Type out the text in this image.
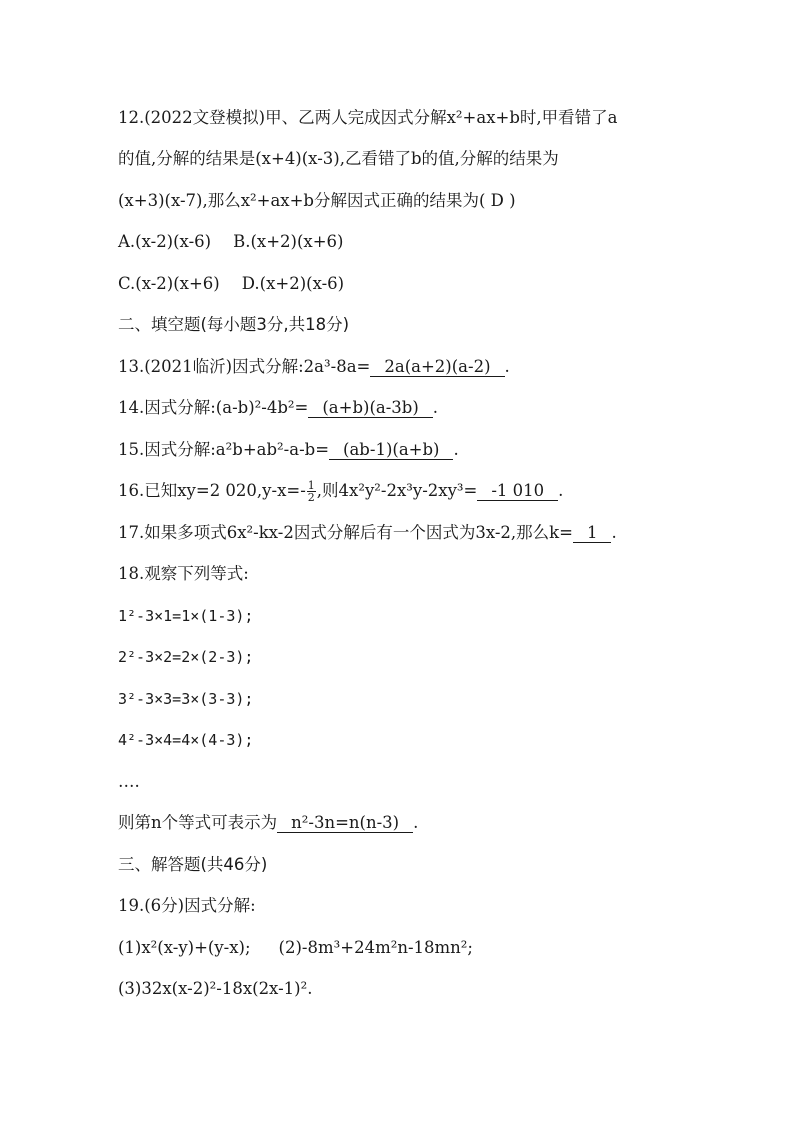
12.(2022文登模拟)甲、乙两人完成因式分解x²+ax+b时,甲看错了a
的值,分解的结果是(x+4)(x-3),乙看错了b的值,分解的结果为
(x+3)(x-7),那么x²+ax+b分解因式正确的结果为( D )
A.(x-2)(x-6) B.(x+2)(x+6)
C.(x-2)(x+6) D.(x+2)(x-6)
二、填空题(每小题3分,共18分)
13.(2021临沂)因式分解:2a³-8a= 2a(a+2)(a-2) .
14.因式分解:(a-b)²-4b²= (a+b)(a-3b) .
15.因式分解:a²b+ab²-a-b= (ab-1)(a+b) .
16.已知xy=2 $020,y-x=- \frac{1}{2}$ ,则4x²y²-2x³y-2xy³= -1 010 .
17.如果多项式6x²-kx-2因式分解后有一个因式为3x-2,那么k= 1 .
18.观察下列等式:
1²-3×1=1×(1-3);
2²-3×2=2×(2-3);
3²-3×3=3×(3-3);
4²-3×4=4×(4-3);
….
则第n个等式可表示为 n²-3n=n(n-3) .
三、解答题(共46分)
19.(6分)因式分解:
(1)x²(x-y)+(y-x); (2)-8m³+24m²n-18mn²;
(3)32x(x-2)²-18x(2x-1)².
